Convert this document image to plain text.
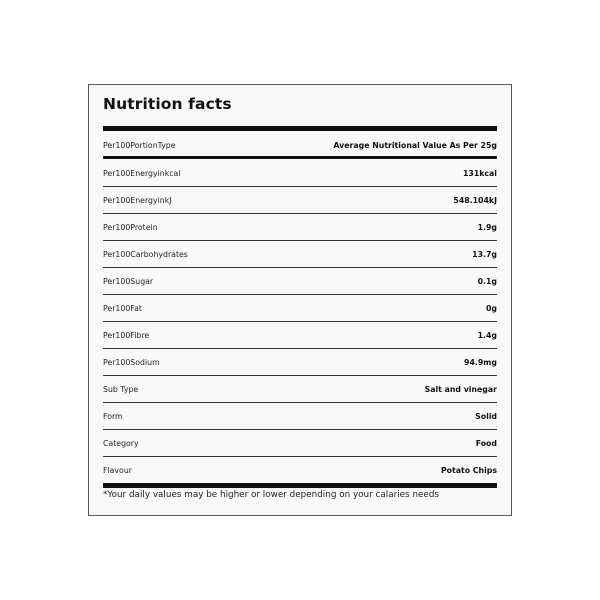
Nutrition facts
Per100PortionType	Average Nutritional Value As Per 25g
Per100Energyinkcal	131kcal
Per100EnergyinkJ	548.104kJ
Per100Protein	1.9g
Per100Carbohydrates	13.7g
Per100Sugar	0.1g
Per100Fat	0g
Per100Fibre	1.4g
Per100Sodium	94.9mg
Sub Type	Salt and vinegar
Form	Solid
Category	Food
Flavour	Potato Chips
*Your daily values may be higher or lower depending on your calaries needs
